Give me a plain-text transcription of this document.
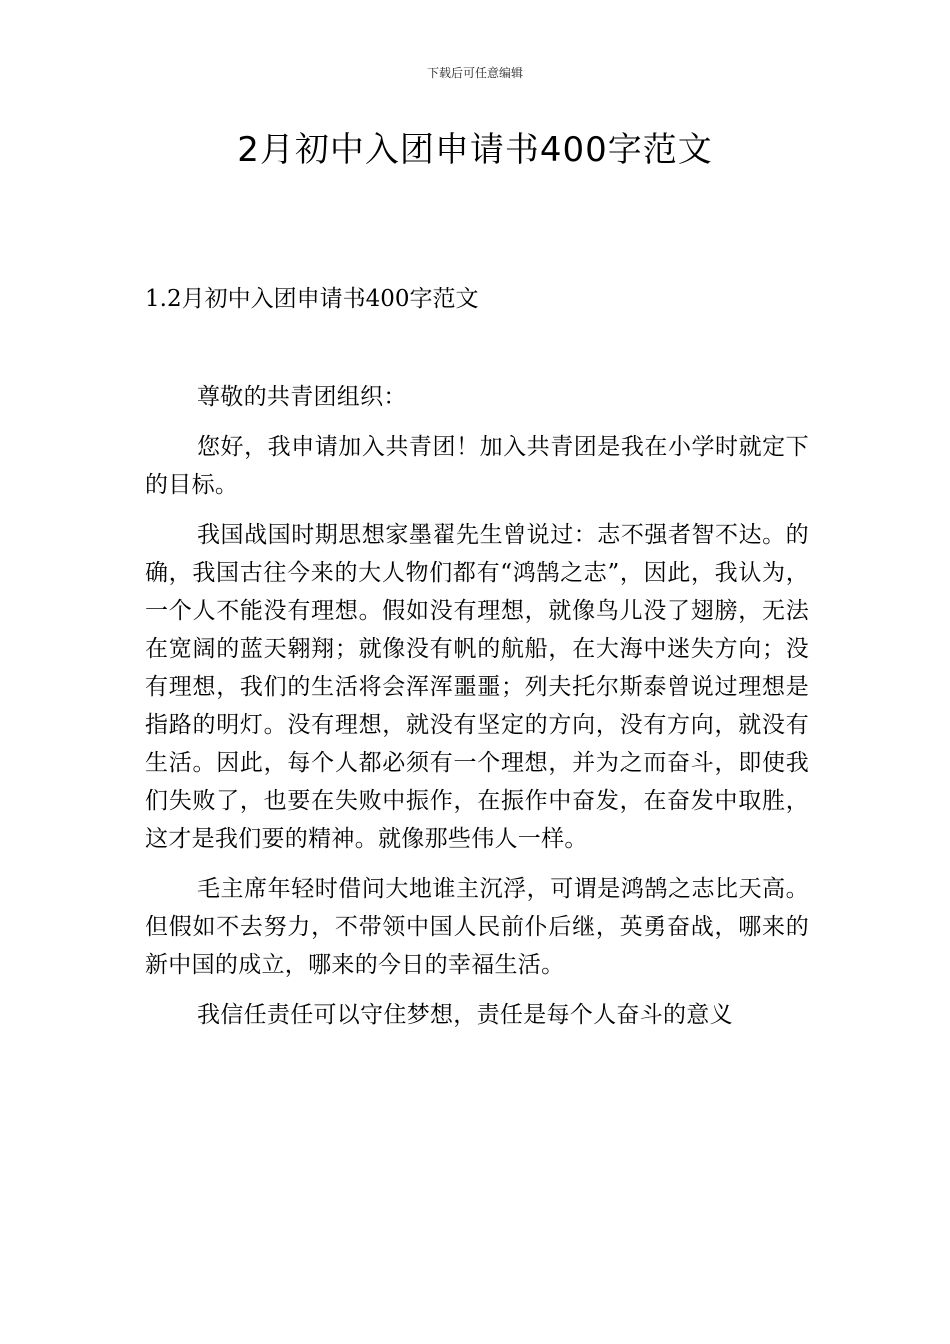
下载后可任意编辑
2月初中入团申请书400字范文
1.2月初中入团申请书400字范文

尊敬的共青团组织：

您好，我申请加入共青团！加入共青团是我在小学时就定下的目标。

我国战国时期思想家墨翟先生曾说过：志不强者智不达。的确，我国古往今来的大人物们都有“鸿鹄之志”，因此，我认为，一个人不能没有理想。假如没有理想，就像鸟儿没了翅膀，无法在宽阔的蓝天翱翔；就像没有帆的航船，在大海中迷失方向；没有理想，我们的生活将会浑浑噩噩；列夫托尔斯泰曾说过理想是指路的明灯。没有理想，就没有坚定的方向，没有方向，就没有生活。因此，每个人都必须有一个理想，并为之而奋斗，即使我们失败了，也要在失败中振作，在振作中奋发，在奋发中取胜，这才是我们要的精神。就像那些伟人一样。

毛主席年轻时借问大地谁主沉浮，可谓是鸿鹄之志比天高。但假如不去努力，不带领中国人民前仆后继，英勇奋战，哪来的新中国的成立，哪来的今日的幸福生活。

我信任责任可以守住梦想，责任是每个人奋斗的意义
